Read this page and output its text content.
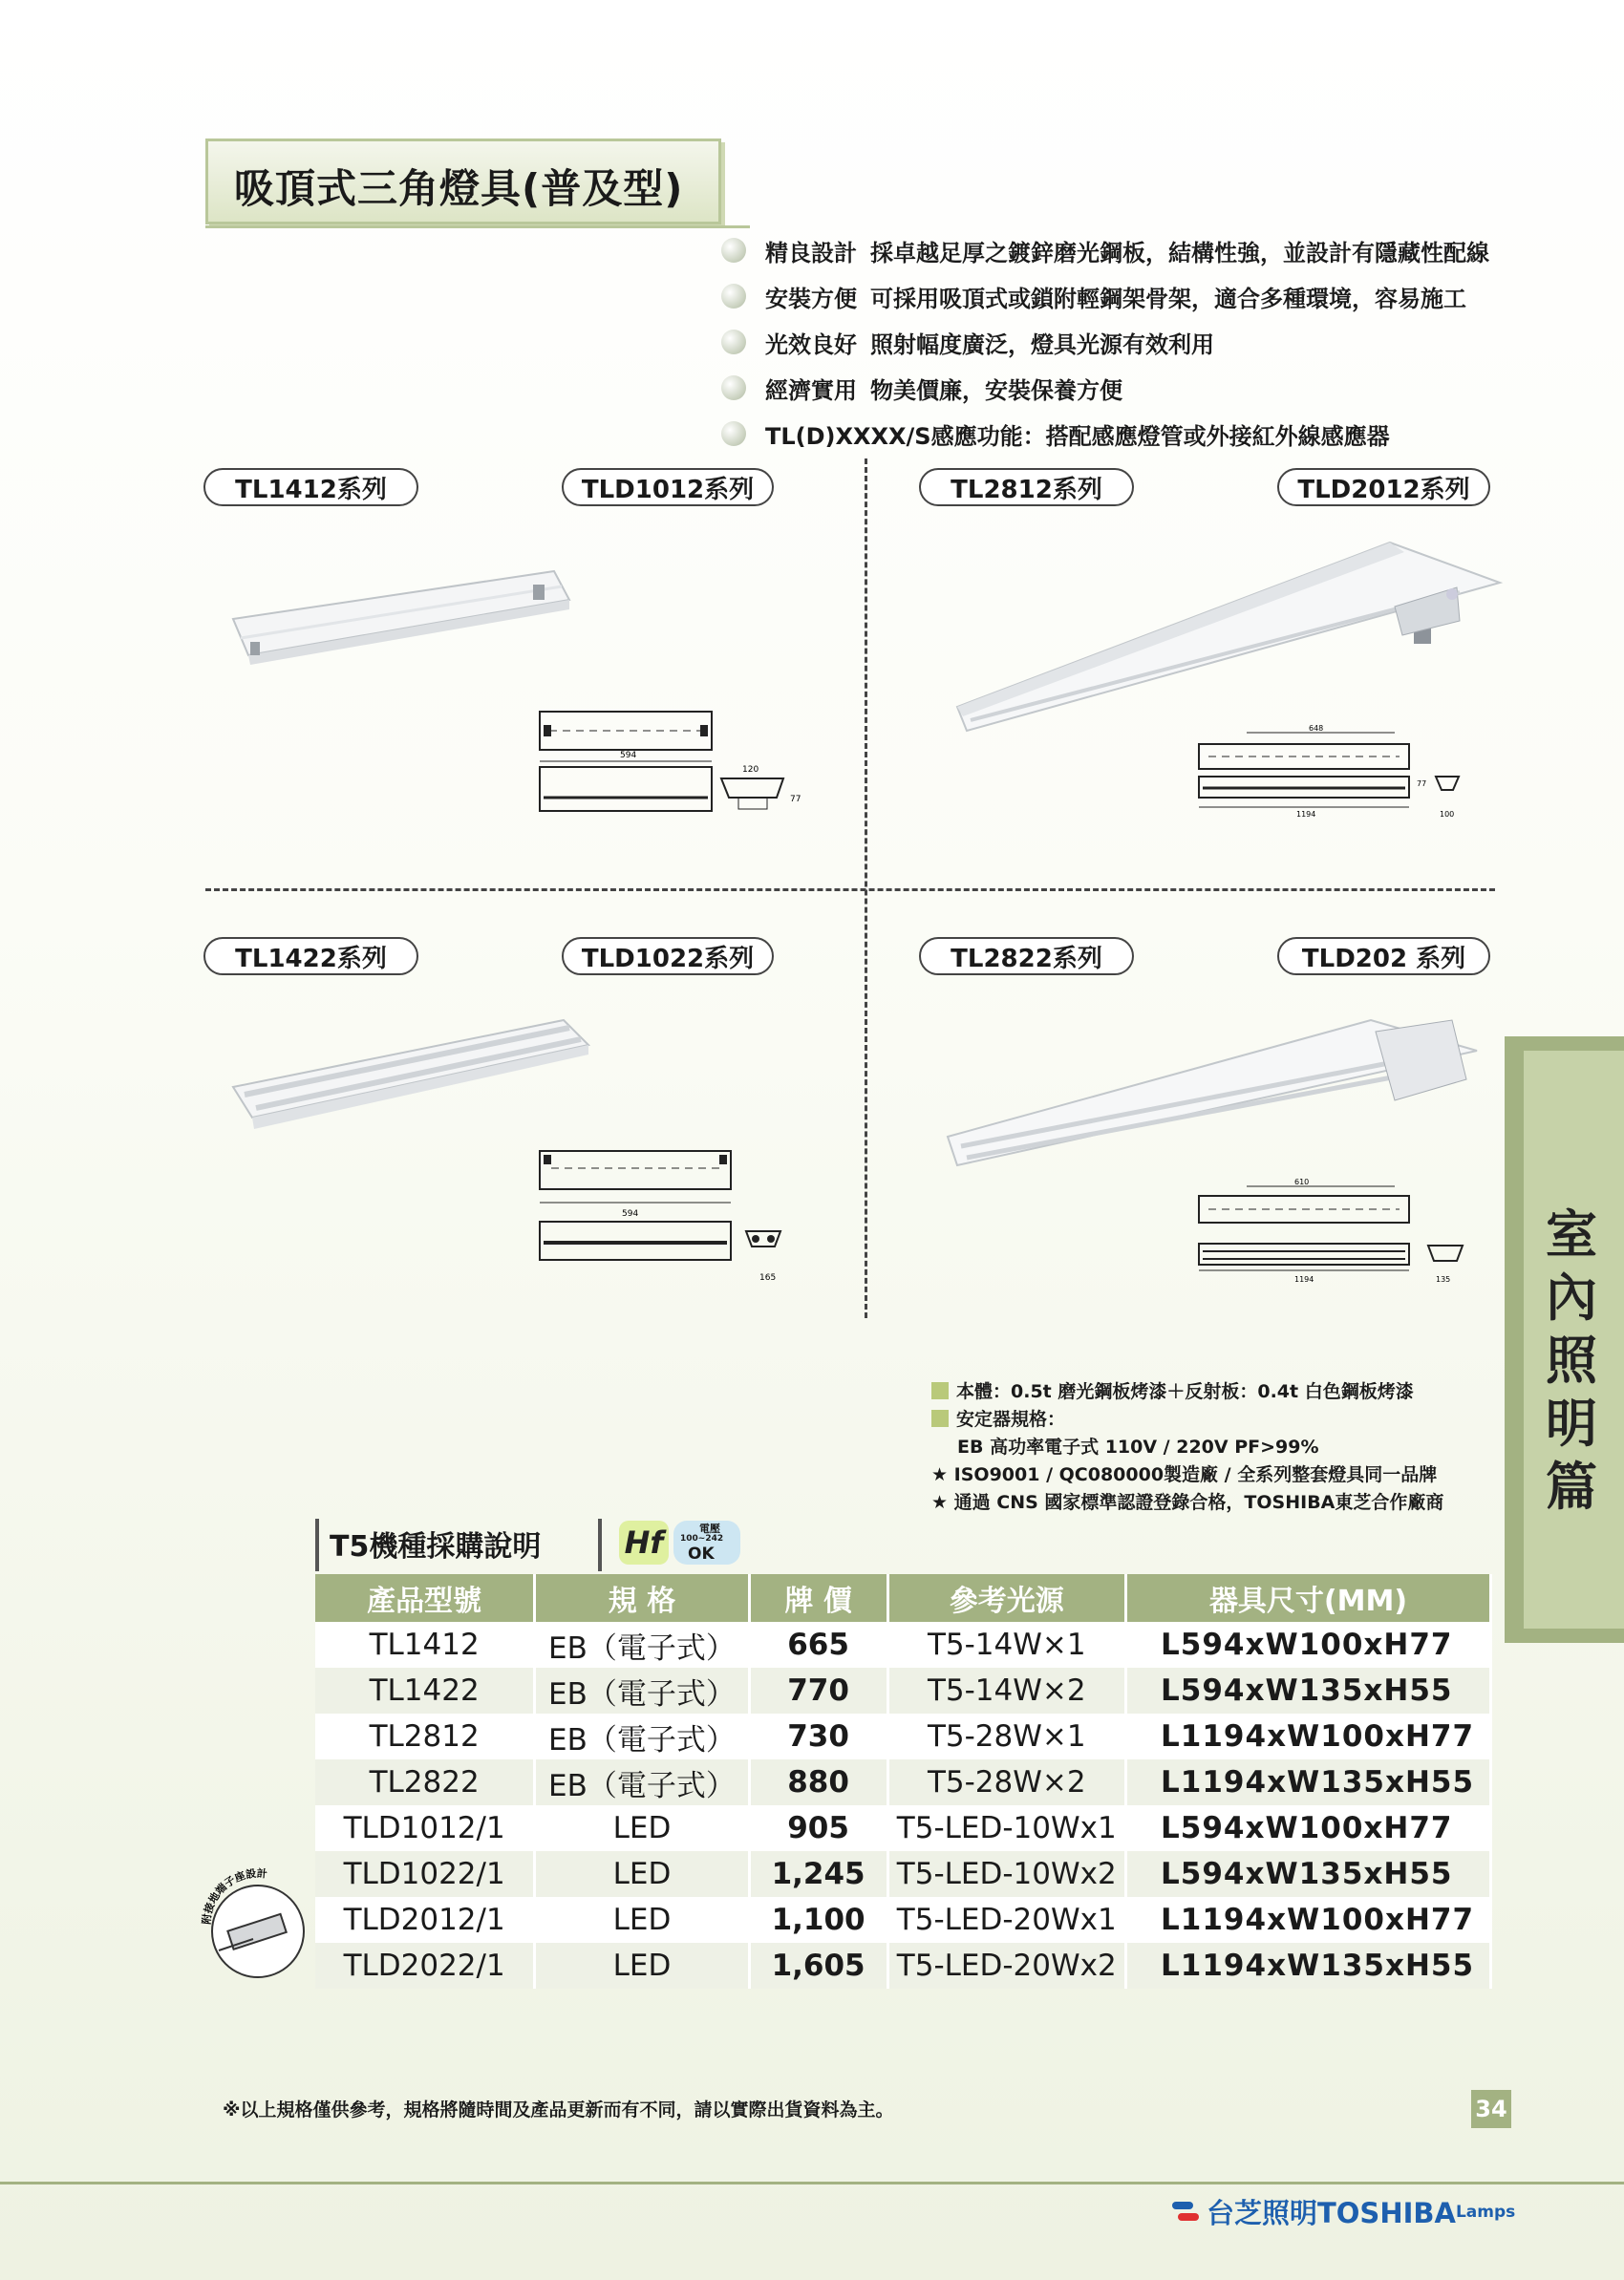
吸頂式三角燈具(普及型)
精良設計 採卓越足厚之鍍鋅磨光鋼板，結構性強，並設計有隱藏性配線
安裝方便 可採用吸頂式或鎖附輕鋼架骨架，適合多種環境，容易施工
光效良好 照射幅度廣泛，燈具光源有效利用
經濟實用 物美價廉，安裝保養方便
TL(D)XXXX/S感應功能：搭配感應燈管或外接紅外線感應器
TL1412系列	TLD1012系列	TL2812系列	TLD2012系列
TL1422系列	TLD1022系列	TL2822系列	TLD202 系列
594
120
77
648
1194
77
100
594
165
610
1194	135
室內照明篇
本體：0.5t 磨光鋼板烤漆＋反射板：0.4t 白色鋼板烤漆
安定器規格：
EB 高功率電子式 110V / 220V PF>99%
★ ISO9001 / QC080000製造廠 / 全系列整套燈具同一品牌
★ 通過 CNS 國家標準認證登錄合格，TOSHIBA東芝合作廠商
T5機種採購說明	Hf	電壓
100~242
OK
產品型號	規 格	牌 價	參考光源	器具尺寸(MM)
TL1412	EB（電子式）	665	T5-14W×1	L594xW100xH77
TL1422	EB（電子式）	770	T5-14W×2	L594xW135xH55
TL2812	EB（電子式）	730	T5-28W×1	L1194xW100xH77
TL2822	EB（電子式）	880	T5-28W×2	L1194xW135xH55
TLD1012/1	LED	905	T5-LED-10Wx1	L594xW100xH77
TLD1022/1	LED	1,245	T5-LED-10Wx2	L594xW135xH55
TLD2012/1	LED	1,100	T5-LED-20Wx1	L1194xW100xH77
TLD2022/1	LED	1,605	T5-LED-20Wx2	L1194xW135xH55
附接地端子座設計
※以上規格僅供參考，規格將隨時間及產品更新而有不同，請以實際出貨資料為主。	34
台芝照明TOSHIBA Lamps
